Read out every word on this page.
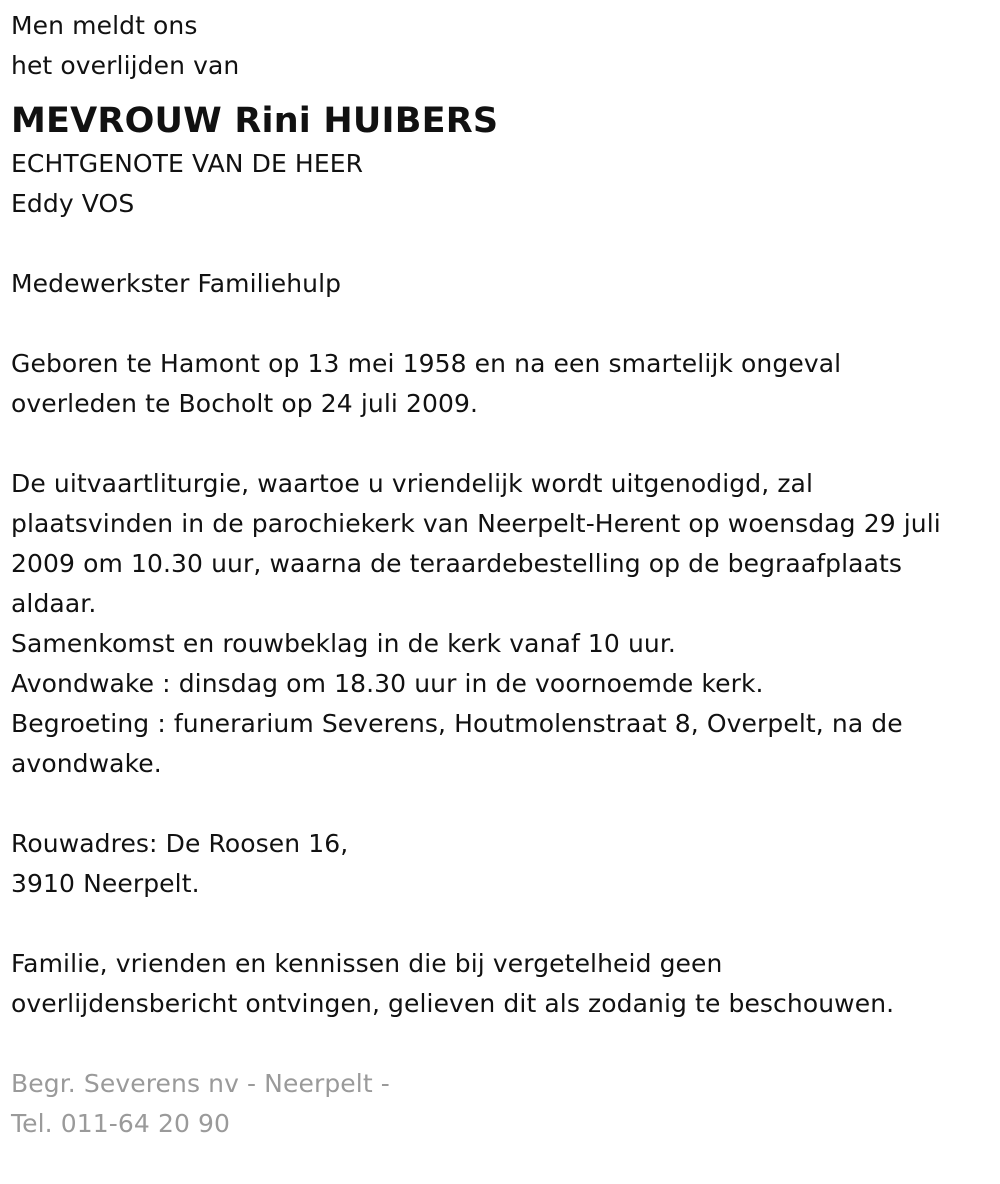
Men meldt ons
het overlijden van
MEVROUW Rini HUIBERS
ECHTGENOTE VAN DE HEER
Eddy VOS
Medewerkster Familiehulp
Geboren te Hamont op 13 mei 1958 en na een smartelijk ongeval
overleden te Bocholt op 24 juli 2009.
De uitvaartliturgie, waartoe u vriendelijk wordt uitgenodigd, zal
plaatsvinden in de parochiekerk van Neerpelt-Herent op woensdag 29 juli
2009 om 10.30 uur, waarna de teraardebestelling op de begraafplaats
aldaar.
Samenkomst en rouwbeklag in de kerk vanaf 10 uur.
Avondwake : dinsdag om 18.30 uur in de voornoemde kerk.
Begroeting : funerarium Severens, Houtmolenstraat 8, Overpelt, na de
avondwake.
Rouwadres: De Roosen 16,
3910 Neerpelt.
Familie, vrienden en kennissen die bij vergetelheid geen
overlijdensbericht ontvingen, gelieven dit als zodanig te beschouwen.
Begr. Severens nv - Neerpelt -
Tel. 011-64 20 90
